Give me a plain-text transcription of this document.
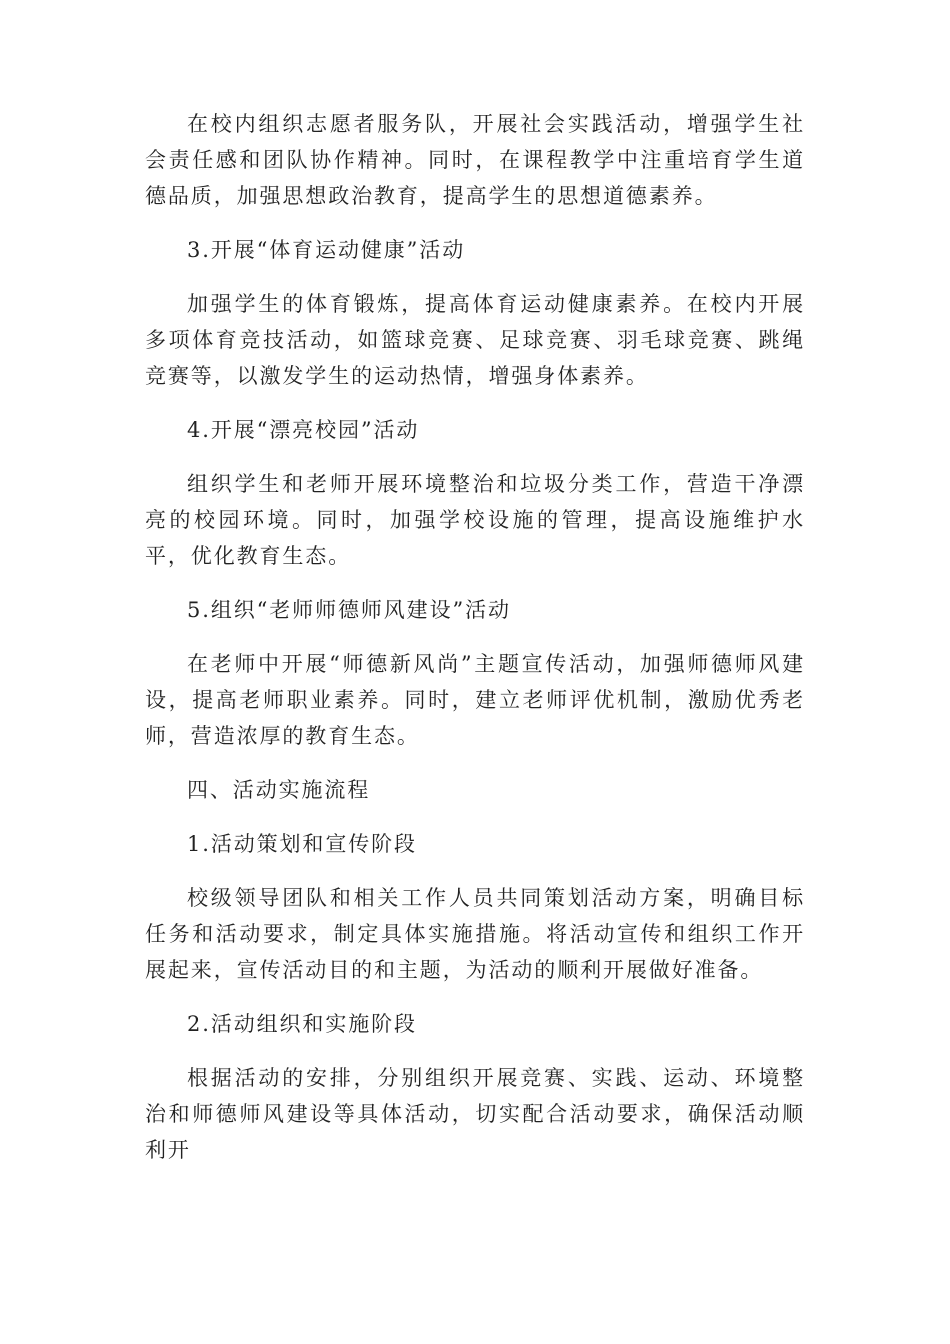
在校内组织志愿者服务队，开展社会实践活动，增强学生社会责任感和团队协作精神。同时，在课程教学中注重培育学生道德品质，加强思想政治教育，提高学生的思想道德素养。

3.开展“体育运动健康”活动

加强学生的体育锻炼，提高体育运动健康素养。在校内开展多项体育竞技活动，如篮球竞赛、足球竞赛、羽毛球竞赛、跳绳竞赛等，以激发学生的运动热情，增强身体素养。

4.开展“漂亮校园”活动

组织学生和老师开展环境整治和垃圾分类工作，营造干净漂亮的校园环境。同时，加强学校设施的管理，提高设施维护水平，优化教育生态。

5.组织“老师师德师风建设”活动

在老师中开展“师德新风尚”主题宣传活动，加强师德师风建设，提高老师职业素养。同时，建立老师评优机制，激励优秀老师，营造浓厚的教育生态。

四、活动实施流程

1.活动策划和宣传阶段

校级领导团队和相关工作人员共同策划活动方案，明确目标任务和活动要求，制定具体实施措施。将活动宣传和组织工作开展起来，宣传活动目的和主题，为活动的顺利开展做好准备。

2.活动组织和实施阶段

根据活动的安排，分别组织开展竞赛、实践、运动、环境整治和师德师风建设等具体活动，切实配合活动要求，确保活动顺利开
